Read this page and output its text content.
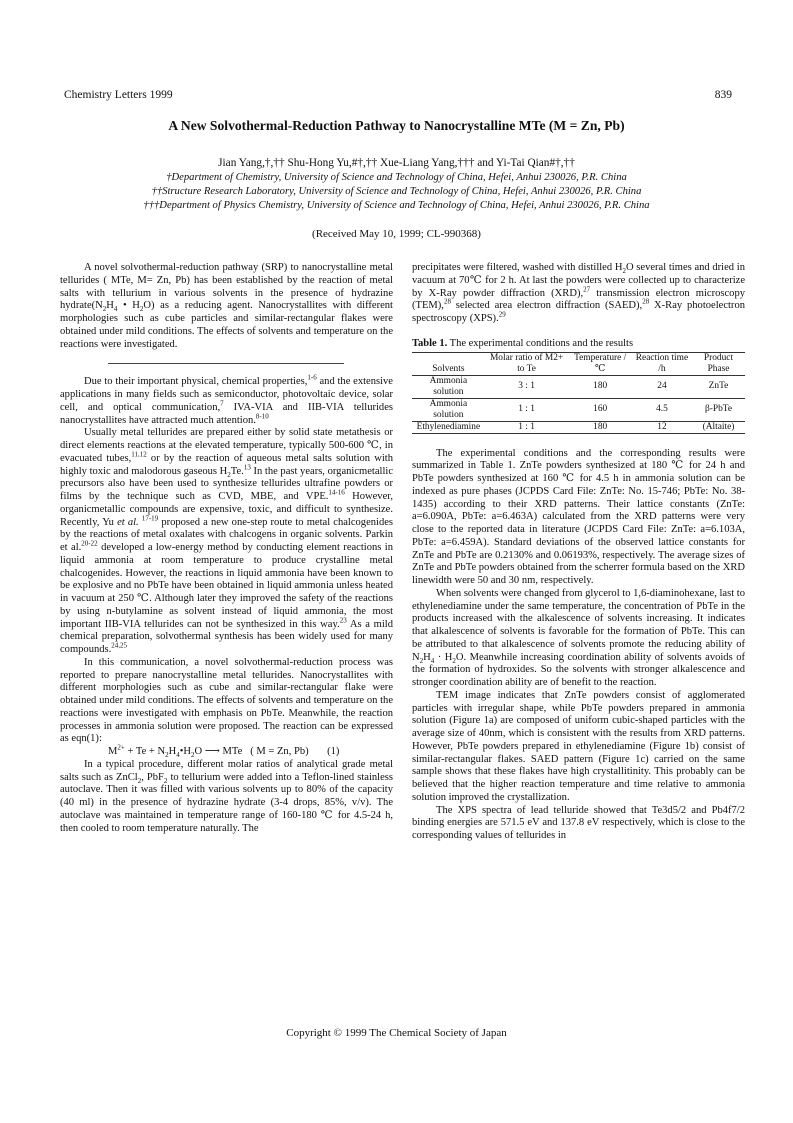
Chemistry Letters 1999	839
A New Solvothermal-Reduction Pathway to Nanocrystalline MTe (M = Zn, Pb)
Jian Yang,†,†† Shu-Hong Yu,#†,†† Xue-Liang Yang,††† and Yi-Tai Qian#†,††
†Department of Chemistry, University of Science and Technology of China, Hefei, Anhui 230026, P.R. China
††Structure Research Laboratory, University of Science and Technology of China, Hefei, Anhui 230026, P.R. China
†††Department of Physics Chemistry, University of Science and Technology of China, Hefei, Anhui 230026, P.R. China
(Received May 10, 1999; CL-990368)

A novel solvothermal-reduction pathway (SRP) to nanocrystalline metal tellurides ( MTe, M= Zn, Pb) has been established by the reaction of metal salts with tellurium in various solvents in the presence of hydrazine $hydrate(N_2H_4$ • $H_2O$) as a reducing agent. Nanocrystallites with different morphologies such as cube particles and similar-rectangular flakes were obtained under mild conditions. The effects of solvents and temperature on the reactions were investigated.

Due to their important physical, chemical properties,$^{1-6}$ and the extensive applications in many fields such as semiconductor, photovoltaic device, solar cell, and optical communication,$^7$ IVA-VIA and IIB-VIA tellurides nanocrystallites have attracted much attention.$^{8-10}$

Usually metal tellurides are prepared either by solid state metathesis or direct elements reactions at the elevated temperature, typically 500-600 ℃, in evacuated tubes,$^{11,12}$ or by the reaction of aqueous metal salts solution with highly toxic and malodorous gaseous $H_2Te.^{13}$ In the past years, organicmetallic precursors also have been used to synthesize tellurides ultrafine powders or films by the technique such as CVD, MBE, and VPE.$^{14-16}$ However, organicmetallic compounds are expensive, toxic, and difficult to synthesize. Recently, Yu et al. $^{17-19}$ proposed a new one-step route to metal chalcogenides by the reactions of metal oxalates with chalcogens in organic solvents. Parkin et al.$^{20-22}$ developed a low-energy method by conducting element reactions in liquid ammonia at room temperature to produce crystalline metal chalcogenides. However, the reactions in liquid ammonia have been known to be explosive and no PbTe have been obtained in liquid ammonia unless heated in vacuum at 250 ℃. Although later they improved the safety of the reactions by using n-butylamine as solvent instead of liquid ammonia, the most important IIB-VIA tellurides can not be synthesized in this way.$^{23}$ As a mild chemical preparation, solvothermal synthesis has been widely used for many compounds.$^{24,25}$

In this communication, a novel solvothermal-reduction process was reported to prepare nanocrystalline metal tellurides. Nanocrystallites with different morphologies such as cube and similar-rectangular flake were obtained under mild conditions. The effects of solvents and temperature on the reactions were investigated with emphasis on PbTe. Meanwhile, the reaction processes in ammonia solution were proposed. The reaction can be expressed as eqn(1):

$M^{2+} + Te$ + $N_2H_4•H_2O$ ⟶ MTe   ( M = Zn, Pb)       (1)

In a typical procedure, different molar ratios of analytical grade metal salts such as ZnCl$_2$, PbF$_2$ to tellurium were added into a Teflon-lined stainless autoclave. Then it was filled with various solvents up to 80% of the capacity (40 ml) in the presence of hydrazine hydrate (3-4 drops, 85%, v/v). The autoclave was maintained in temperature range of 160-180 ℃ for 4.5-24 h, then cooled to room temperature naturally. The

precipitates were filtered, washed with distilled $H_2O$ several times and dried in vacuum at 70℃ for 2 h. At last the powders were collected up to characterize by X-Ray powder diffraction (XRD),$^{27}$ transmission electron microscopy (TEM),$^{28}$ selected area electron diffraction (SAED),$^{28}$ X-Ray photoelectron spectroscopy (XPS).$^{29}$

Table 1. The experimental conditions and the results
Solvents	Molar ratio of M2+ to Te	Temperature /℃	Reaction time /h	Product Phase

Ammonia solution	3 : 1	180	24	ZnTe
Ammonia solution	1 : 1	160	4.5	β-PbTe
Ethylenediamine	1 : 1	180	12	(Altaite)

The experimental conditions and the corresponding results were summarized in Table 1. ZnTe powders synthesized at 180 ℃ for 24 h and PbTe powders synthesized at 160 ℃ for 4.5 h in ammonia solution can be indexed as pure phases (JCPDS Card File: ZnTe: No. 15-746; PbTe: No. 38-1435) according to their XRD patterns. Their lattice constants (ZnTe: a=6.090A, PbTe: a=6.463A) calculated from the XRD patterns were very close to the reported data in literature (JCPDS Card File: ZnTe: a=6.103A, PbTe: a=6.459A). Standard deviations of the observed lattice constants for ZnTe and PbTe are 0.2130% and 0.06193%, respectively. The average sizes of ZnTe and PbTe powders obtained from the scherrer formula based on the XRD linewidth were 50 and 30 nm, respectively.

When solvents were changed from glycerol to 1,6-diaminohexane, last to ethylenediamine under the same temperature, the concentration of PbTe in the products increased with the alkalescence of solvents increasing. It indicates that alkalescence of solvents is favorable for the formation of PbTe. This can be attributed to that alkalescence of solvents promote the reducing ability of $N_2H_4 \cdot H_2O$. Meanwhile increasing coordination ability of solvents avoids of the formation of hydroxides. So the solvents with stronger alkalescence and stronger coordination ability are of benefit to the reaction.

TEM image indicates that ZnTe powders consist of agglomerated particles with irregular shape, while PbTe powders prepared in ammonia solution (Figure 1a) are composed of uniform cubic-shaped particles with the average size of 40nm, which is consistent with the results from XRD patterns. However, PbTe powders prepared in ethylenediamine (Figure 1b) consist of similar-rectangular flakes. SAED pattern (Figure 1c) carried on the same sample shows that these flakes have high crystallitinity. This probably can be believed that the higher reaction temperature and time relative to ammonia solution improved the crystallization.

The XPS spectra of lead telluride showed that Te3d5/2 and Pb4f7/2 binding energies are 571.5 eV and 137.8 eV respectively, which is close to the corresponding values of tellurides in

Copyright © 1999 The Chemical Society of Japan
